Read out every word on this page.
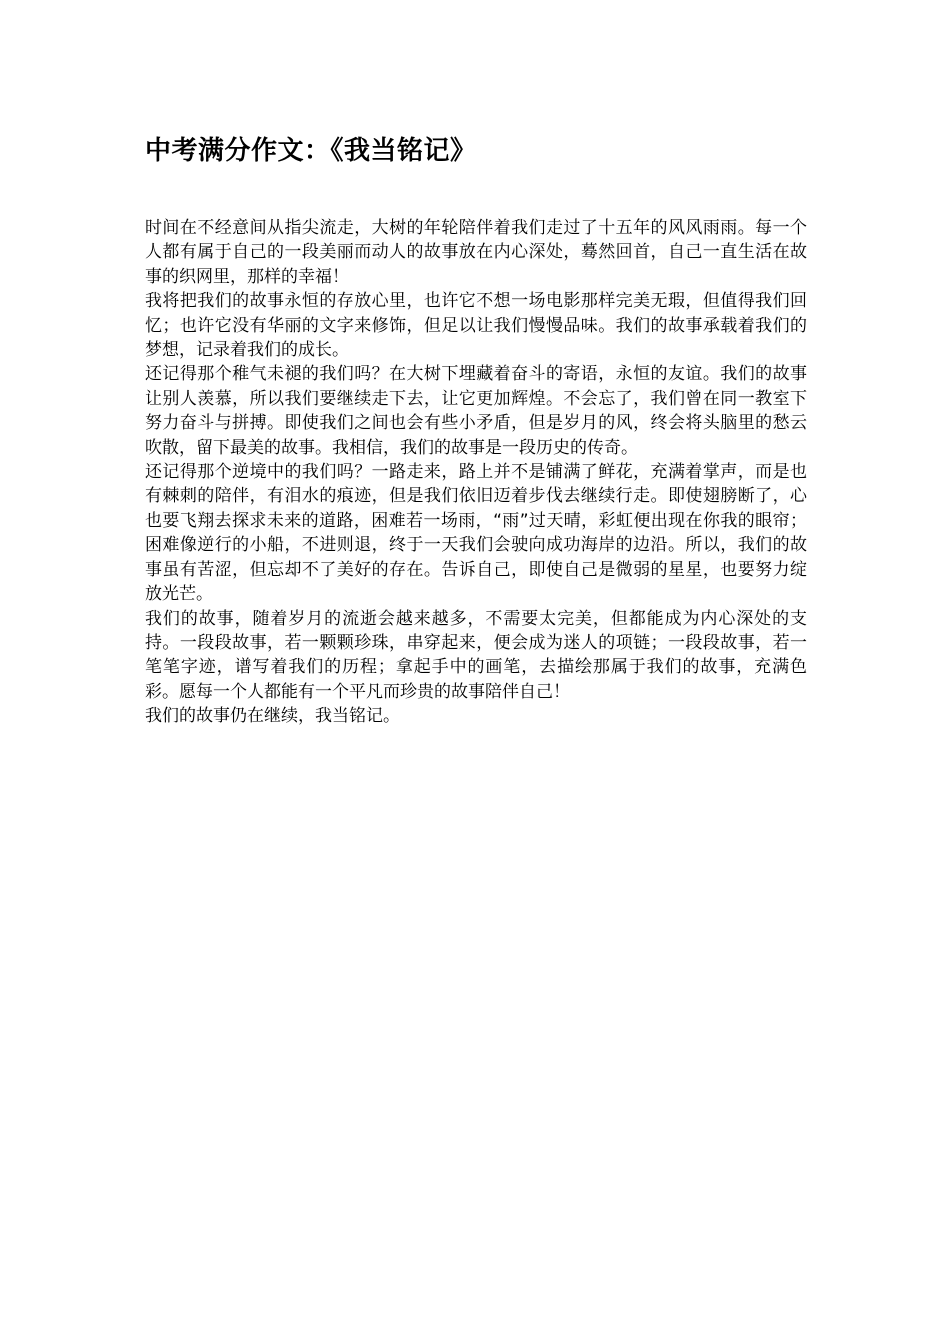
中考满分作文：《我当铭记》

时间在不经意间从指尖流走，大树的年轮陪伴着我们走过了十五年的风风雨雨。每一个人都有属于自己的一段美丽而动人的故事放在内心深处，蓦然回首，自己一直生活在故事的织网里，那样的幸福！

我将把我们的故事永恒的存放心里，也许它不想一场电影那样完美无瑕，但值得我们回忆；也许它没有华丽的文字来修饰，但足以让我们慢慢品味。我们的故事承载着我们的梦想，记录着我们的成长。

还记得那个稚气未褪的我们吗？在大树下埋藏着奋斗的寄语，永恒的友谊。我们的故事让别人羡慕，所以我们要继续走下去，让它更加辉煌。不会忘了，我们曾在同一教室下努力奋斗与拼搏。即使我们之间也会有些小矛盾，但是岁月的风，终会将头脑里的愁云吹散，留下最美的故事。我相信，我们的故事是一段历史的传奇。

还记得那个逆境中的我们吗？一路走来，路上并不是铺满了鲜花，充满着掌声，而是也有棘刺的陪伴，有泪水的痕迹，但是我们依旧迈着步伐去继续行走。即使翅膀断了，心也要飞翔去探求未来的道路，困难若一场雨，“雨”过天晴，彩虹便出现在你我的眼帘；困难像逆行的小船，不进则退，终于一天我们会驶向成功海岸的边沿。所以，我们的故事虽有苦涩，但忘却不了美好的存在。告诉自己，即使自己是微弱的星星，也要努力绽放光芒。

我们的故事，随着岁月的流逝会越来越多，不需要太完美，但都能成为内心深处的支持。一段段故事，若一颗颗珍珠，串穿起来，便会成为迷人的项链；一段段故事，若一笔笔字迹，谱写着我们的历程；拿起手中的画笔，去描绘那属于我们的故事，充满色彩。愿每一个人都能有一个平凡而珍贵的故事陪伴自己！

我们的故事仍在继续，我当铭记。
